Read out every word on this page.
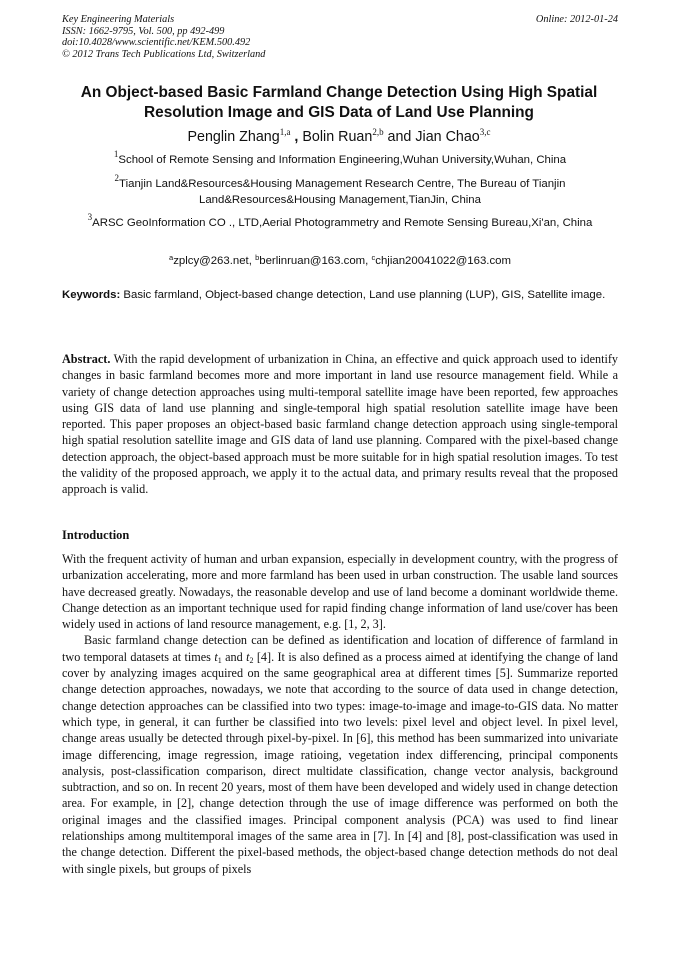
Key Engineering Materials
ISSN: 1662-9795, Vol. 500, pp 492-499
doi:10.4028/www.scientific.net/KEM.500.492
© 2012 Trans Tech Publications Ltd, Switzerland
Online: 2012-01-24
An Object-based Basic Farmland Change Detection Using High Spatial Resolution Image and GIS Data of Land Use Planning
Penglin Zhang$^{1,a}$ , Bolin Ruan$^{2,b}$ and Jian Chao$^{3,c}$
$^1$School of Remote Sensing and Information Engineering,Wuhan University,Wuhan, China
$^2$Tianjin Land&Resources&Housing Management Research Centre, The Bureau of Tianjin Land&Resources&Housing Management,TianJin, China
$^3$ARSC GeoInformation CO ., LTD,Aerial Photogrammetry and Remote Sensing Bureau,Xi'an, China
$^a$zplcy@263.net, $^b$berlinruan@163.com, $^c$chjian20041022@163.com
Keywords: Basic farmland, Object-based change detection, Land use planning (LUP), GIS, Satellite image.
Abstract. With the rapid development of urbanization in China, an effective and quick approach used to identify changes in basic farmland becomes more and more important in land use resource management field. While a variety of change detection approaches using multi-temporal satellite image have been reported, few approaches using GIS data of land use planning and single-temporal high spatial resolution satellite image have been reported. This paper proposes an object-based basic farmland change detection approach using single-temporal high spatial resolution satellite image and GIS data of land use planning. Compared with the pixel-based change detection approach, the object-based approach must be more suitable for in high spatial resolution images. To test the validity of the proposed approach, we apply it to the actual data, and primary results reveal that the proposed approach is valid.
Introduction

With the frequent activity of human and urban expansion, especially in development country, with the progress of urbanization accelerating, more and more farmland has been used in urban construction. The usable land sources have decreased greatly. Nowadays, the reasonable develop and use of land become a dominant worldwide theme. Change detection as an important technique used for rapid finding change information of land use/cover has been widely used in actions of land resource management, e.g. [1, 2, 3].

Basic farmland change detection can be defined as identification and location of difference of farmland in two temporal datasets at times $t_1$ and $t_2$ [4]. It is also defined as a process aimed at identifying the change of land cover by analyzing images acquired on the same geographical area at different times [5]. Summarize reported change detection approaches, nowadays, we note that according to the source of data used in change detection, change detection approaches can be classified into two types: image-to-image and image-to-GIS data. No matter which type, in general, it can further be classified into two levels: pixel level and object level. In pixel level, change areas usually be detected through pixel-by-pixel. In [6], this method has been summarized into univariate image differencing, image regression, image ratioing, vegetation index differencing, principal components analysis, post-classification comparison, direct multidate classification, change vector analysis, background subtraction, and so on. In recent 20 years, most of them have been developed and widely used in change detection area. For example, in [2], change detection through the use of image difference was performed on both the original images and the classified images. Principal component analysis (PCA) was used to find linear relationships among multitemporal images of the same area in [7]. In [4] and [8], post-classification was used in the change detection. Different the pixel-based methods, the object-based change detection methods do not deal with single pixels, but groups of pixels
